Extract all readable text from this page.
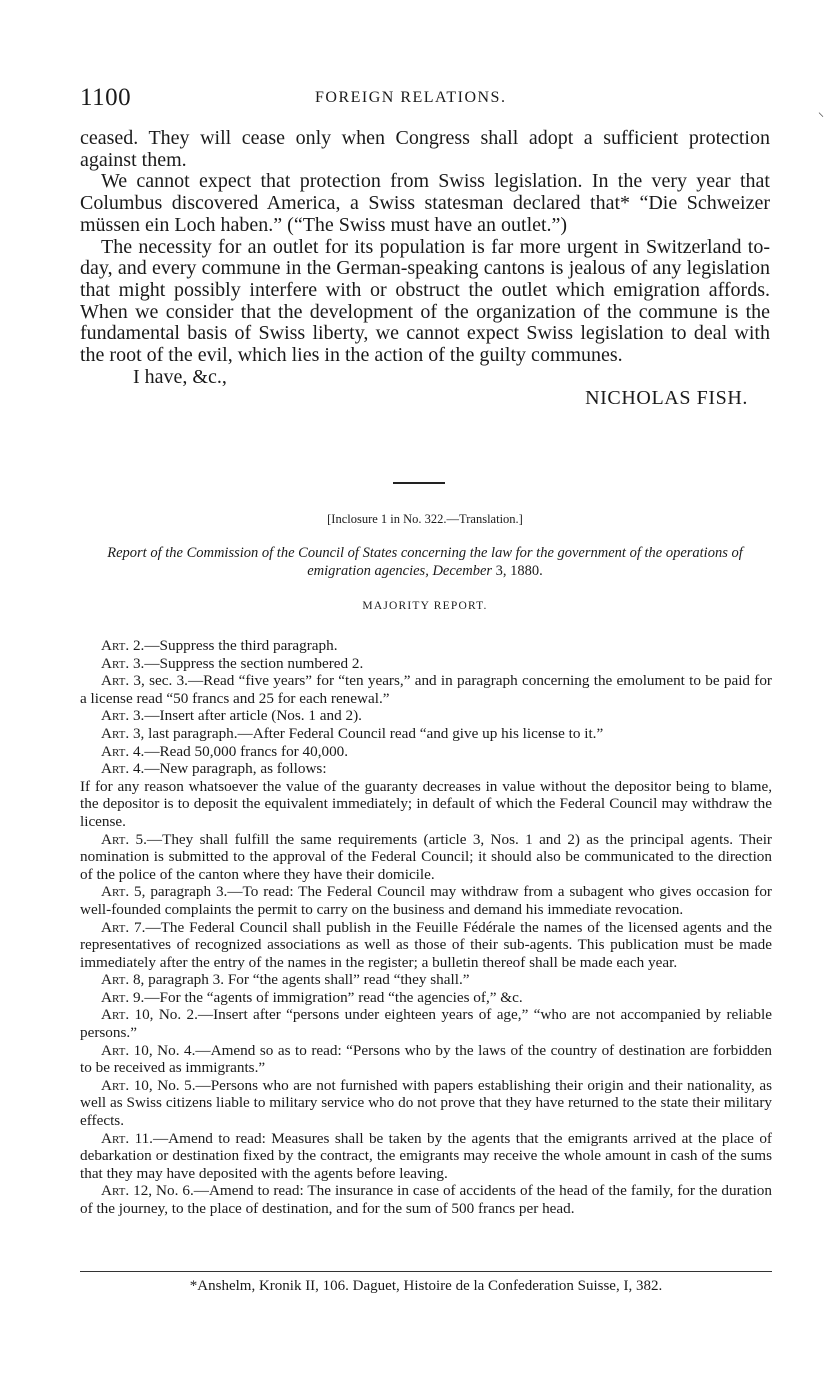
1100	FOREIGN RELATIONS.

ceased. They will cease only when Congress shall adopt a sufficient protection against them.

We cannot expect that protection from Swiss legislation. In the very year that Columbus discovered America, a Swiss statesman declared that* “Die Schweizer müssen ein Loch haben.” (“The Swiss must have an outlet.”)

The necessity for an outlet for its population is far more urgent in Switzerland to-day, and every commune in the German-speaking cantons is jealous of any legislation that might possibly interfere with or obstruct the outlet which emigration affords. When we consider that the development of the organization of the commune is the fundamental basis of Swiss liberty, we cannot expect Swiss legislation to deal with the root of the evil, which lies in the action of the guilty communes.

I have, &c.,
NICHOLAS FISH.
[Inclosure 1 in No. 322.—Translation.]
Report of the Commission of the Council of States concerning the law for the government of the operations of emigration agencies, December 3, 1880.
MAJORITY REPORT.

Art. 2.—Suppress the third paragraph.

Art. 3.—Suppress the section numbered 2.

Art. 3, sec. 3.—Read “five years” for “ten years,” and in paragraph concerning the emolument to be paid for a license read “50 francs and 25 for each renewal.”

Art. 3.—Insert after article (Nos. 1 and 2).

Art. 3, last paragraph.—After Federal Council read “and give up his license to it.”

Art. 4.—Read 50,000 francs for 40,000.

Art. 4.—New paragraph, as follows:

If for any reason whatsoever the value of the guaranty decreases in value without the depositor being to blame, the depositor is to deposit the equivalent immediately; in default of which the Federal Council may withdraw the license.

Art. 5.—They shall fulfill the same requirements (article 3, Nos. 1 and 2) as the principal agents. Their nomination is submitted to the approval of the Federal Council; it should also be communicated to the direction of the police of the canton where they have their domicile.

Art. 5, paragraph 3.—To read: The Federal Council may withdraw from a subagent who gives occasion for well-founded complaints the permit to carry on the business and demand his immediate revocation.

Art. 7.—The Federal Council shall publish in the Feuille Fédérale the names of the licensed agents and the representatives of recognized associations as well as those of their sub-agents. This publication must be made immediately after the entry of the names in the register; a bulletin thereof shall be made each year.

Art. 8, paragraph 3. For “the agents shall” read “they shall.”

Art. 9.—For the “agents of immigration” read “the agencies of,” &c.

Art. 10, No. 2.—Insert after “persons under eighteen years of age,” “who are not accompanied by reliable persons.”

Art. 10, No. 4.—Amend so as to read: “Persons who by the laws of the country of destination are forbidden to be received as immigrants.”

Art. 10, No. 5.—Persons who are not furnished with papers establishing their origin and their nationality, as well as Swiss citizens liable to military service who do not prove that they have returned to the state their military effects.

Art. 11.—Amend to read: Measures shall be taken by the agents that the emigrants arrived at the place of debarkation or destination fixed by the contract, the emigrants may receive the whole amount in cash of the sums that they may have deposited with the agents before leaving.

Art. 12, No. 6.—Amend to read: The insurance in case of accidents of the head of the family, for the duration of the journey, to the place of destination, and for the sum of 500 francs per head.

*Anshelm, Kronik II, 106. Daguet, Histoire de la Confederation Suisse, I, 382.
⸌
